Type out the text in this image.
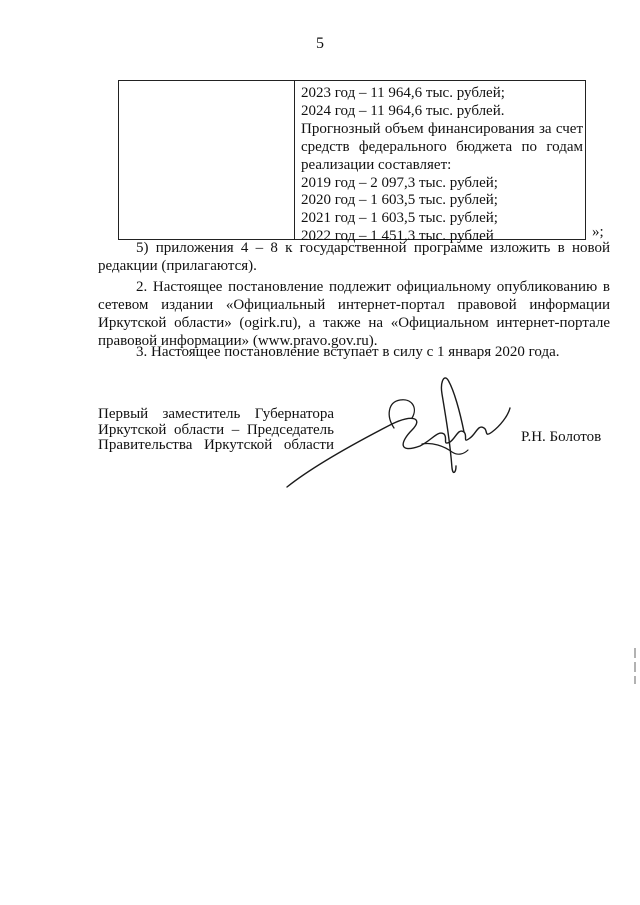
5
2023 год – 11 964,6 тыс. рублей;
2024 год – 11 964,6 тыс. рублей.
Прогнозный объем финансирования за счет
средств федерального бюджета по годам
реализации составляет:
2019 год – 2 097,3 тыс. рублей;
2020 год – 1 603,5 тыс. рублей;
2021 год – 1 603,5 тыс. рублей;
2022 год – 1 451,3 тыс. рублей	»;
5) приложения 4 – 8 к государственной программе изложить в новой
редакции (прилагаются).
2. Настоящее постановление подлежит официальному опубликованию в
сетевом издании «Официальный интернет-портал правовой информации
Иркутской области» (ogirk.ru), а также на «Официальном интернет-портале
правовой информации» (www.pravo.gov.ru).
3. Настоящее постановление вступает в силу с 1 января 2020 года.
Первый заместитель Губернатора
Иркутской области – Председатель
Правительства Иркутской области	Р.Н. Болотов
